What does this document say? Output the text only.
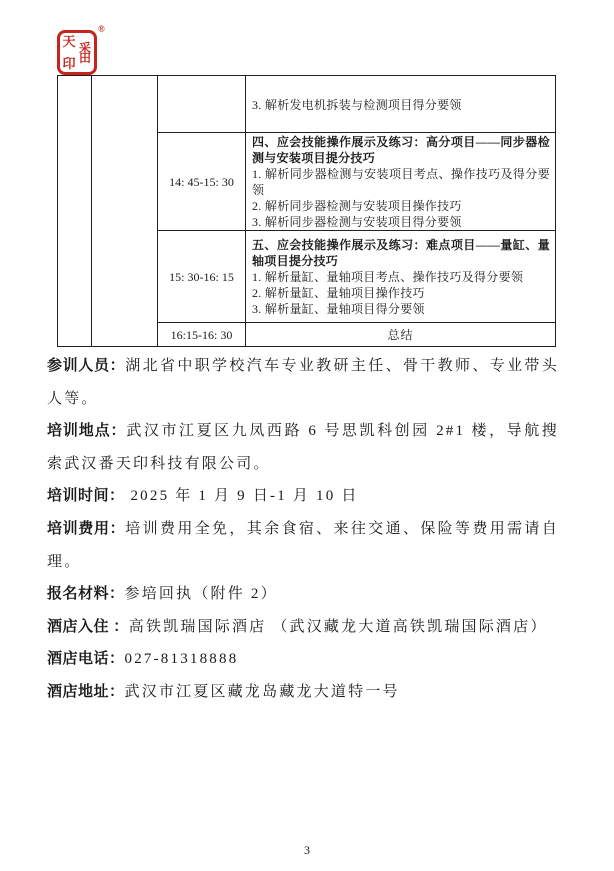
天
印
采
田
®

			3. 解析发电机拆装与检测项目得分要领

		14: 45-15: 30	四、应会技能操作展示及练习：高分项目——同步器检测与安装项目提分技巧
1. 解析同步器检测与安装项目考点、操作技巧及得分要领
2. 解析同步器检测与安装项目操作技巧
3. 解析同步器检测与安装项目得分要领

		15: 30-16: 15	五、应会技能操作展示及练习：难点项目——量缸、量轴项目提分技巧
1. 解析量缸、量轴项目考点、操作技巧及得分要领
2. 解析量缸、量轴项目操作技巧
3. 解析量缸、量轴项目得分要领

		16:15-16: 30	总结

参训人员：湖北省中职学校汽车专业教研主任、骨干教师、专业带头人等。

培训地点：武汉市江夏区九凤西路 6 号思凯科创园 2#1 楼，导航搜索武汉番天印科技有限公司。

培训时间： 2025 年 1 月 9 日-1 月 10 日

培训费用：培训费用全免，其余食宿、来往交通、保险等费用需请自理。

报名材料：参培回执（附件 2）

酒店入住 ：高铁凯瑞国际酒店 （武汉藏龙大道高铁凯瑞国际酒店）

酒店电话：027-81318888

酒店地址：武汉市江夏区藏龙岛藏龙大道特一号

3
